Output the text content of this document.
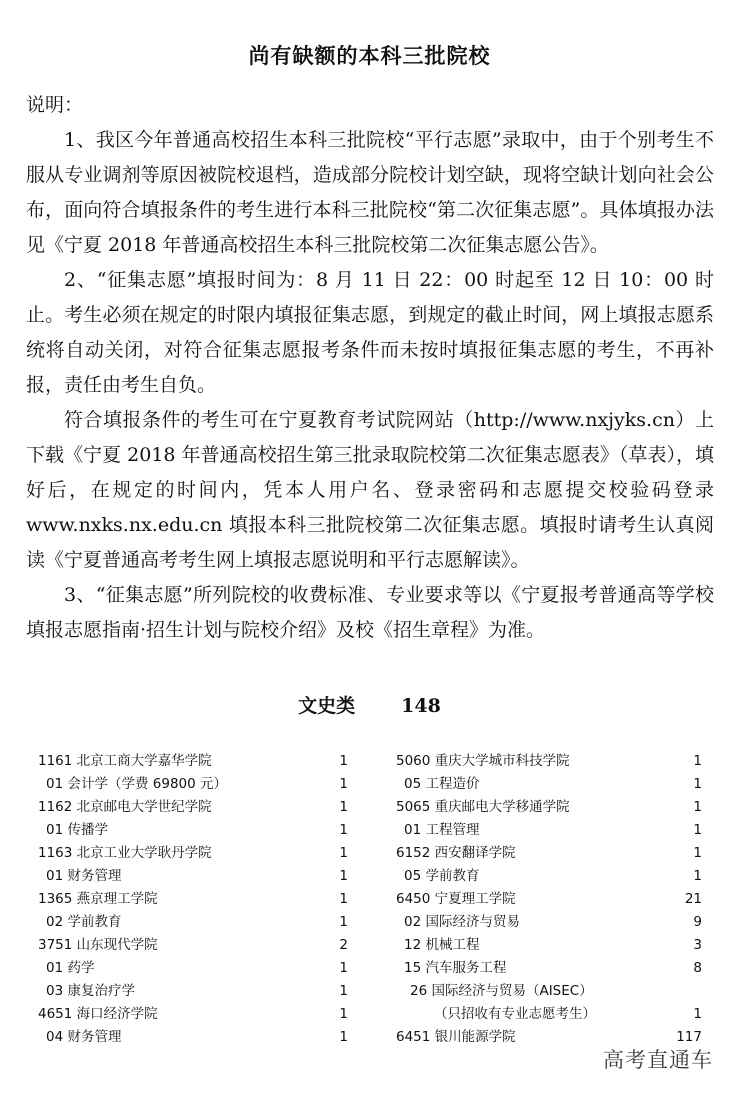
尚有缺额的本科三批院校

说明：

1、我区今年普通高校招生本科三批院校“平行志愿”录取中，由于个别考生不服从专业调剂等原因被院校退档，造成部分院校计划空缺，现将空缺计划向社会公布，面向符合填报条件的考生进行本科三批院校“第二次征集志愿”。具体填报办法见《宁夏 2018 年普通高校招生本科三批院校第二次征集志愿公告》。

2、“征集志愿”填报时间为：8 月 11 日 22：00 时起至 12 日 10：00 时止。考生必须在规定的时限内填报征集志愿，到规定的截止时间，网上填报志愿系统将自动关闭，对符合征集志愿报考条件而未按时填报征集志愿的考生，不再补报，责任由考生自负。

符合填报条件的考生可在宁夏教育考试院网站（http://www.nxjyks.cn）上下载《宁夏 2018 年普通高校招生第三批录取院校第二次征集志愿表》（草表），填好后，在规定的时间内，凭本人用户名、登录密码和志愿提交校验码登录 www.nxks.nx.edu.cn 填报本科三批院校第二次征集志愿。填报时请考生认真阅读《宁夏普通高考考生网上填报志愿说明和平行志愿解读》。

3、“征集志愿”所列院校的收费标准、专业要求等以《宁夏报考普通高等学校填报志愿指南·招生计划与院校介绍》及校《招生章程》为准。

文史类 148
1161 北京工商大学嘉华学院	1
01 会计学（学费 69800 元）	1
1162 北京邮电大学世纪学院	1
01 传播学	1
1163 北京工业大学耿丹学院	1
01 财务管理	1
1365 燕京理工学院	1
02 学前教育	1
3751 山东现代学院	2
01 药学	1
03 康复治疗学	1
4651 海口经济学院	1
04 财务管理	1
5060 重庆大学城市科技学院	1
05 工程造价	1
5065 重庆邮电大学移通学院	1
01 工程管理	1
6152 西安翻译学院	1
05 学前教育	1
6450 宁夏理工学院	21
02 国际经济与贸易	9
12 机械工程	3
15 汽车服务工程	8
26 国际经济与贸易（AISEC）
（只招收有专业志愿考生）	1
6451 银川能源学院	117
高考直通车
